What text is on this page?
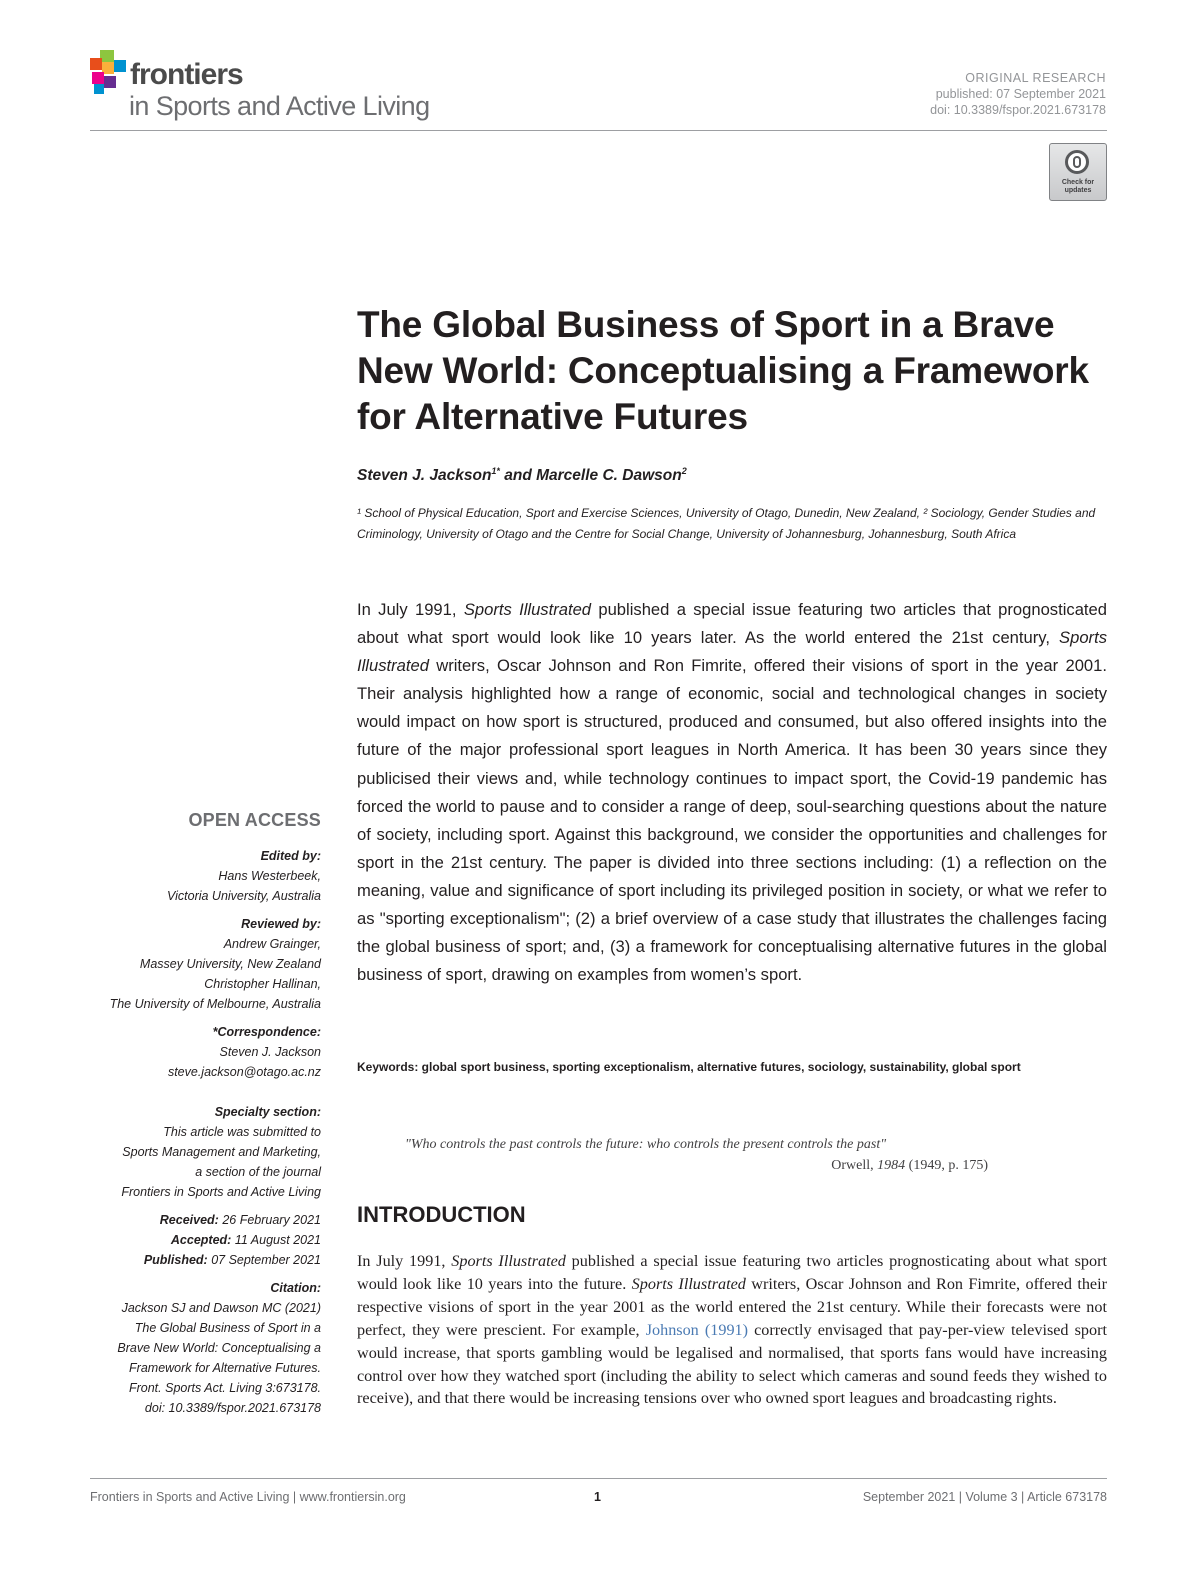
frontiers
in Sports and Active Living
ORIGINAL RESEARCH
published: 07 September 2021
doi: 10.3389/fspor.2021.673178
Check for updates
The Global Business of Sport in a Brave New World: Conceptualising a Framework for Alternative Futures
Steven J. Jackson$^{1*}$ and Marcelle C. Dawson$^2$
¹ School of Physical Education, Sport and Exercise Sciences, University of Otago, Dunedin, New Zealand, ² Sociology, Gender Studies and Criminology, University of Otago and the Centre for Social Change, University of Johannesburg, Johannesburg, South Africa

In July 1991, Sports Illustrated published a special issue featuring two articles that prognosticated about what sport would look like 10 years later. As the world entered the 21st century, Sports Illustrated writers, Oscar Johnson and Ron Fimrite, offered their visions of sport in the year 2001. Their analysis highlighted how a range of economic, social and technological changes in society would impact on how sport is structured, produced and consumed, but also offered insights into the future of the major professional sport leagues in North America. It has been 30 years since they publicised their views and, while technology continues to impact sport, the Covid-19 pandemic has forced the world to pause and to consider a range of deep, soul-searching questions about the nature of society, including sport. Against this background, we consider the opportunities and challenges for sport in the 21st century. The paper is divided into three sections including: (1) a reflection on the meaning, value and significance of sport including its privileged position in society, or what we refer to as "sporting exceptionalism"; (2) a brief overview of a case study that illustrates the challenges facing the global business of sport; and, (3) a framework for conceptualising alternative futures in the global business of sport, drawing on examples from women’s sport.

Keywords: global sport business, sporting exceptionalism, alternative futures, sociology, sustainability, global sport
"Who controls the past controls the future: who controls the present controls the past"
Orwell, 1984 (1949, p. 175)
INTRODUCTION

In July 1991, Sports Illustrated published a special issue featuring two articles prognosticating about what sport would look like 10 years into the future. Sports Illustrated writers, Oscar Johnson and Ron Fimrite, offered their respective visions of sport in the year 2001 as the world entered the 21st century. While their forecasts were not perfect, they were prescient. For example, Johnson (1991) correctly envisaged that pay-per-view televised sport would increase, that sports gambling would be legalised and normalised, that sports fans would have increasing control over how they watched sport (including the ability to select which cameras and sound feeds they wished to receive), and that there would be increasing tensions over who owned sport leagues and broadcasting rights.

OPEN ACCESS
Edited by:
Hans Westerbeek,
Victoria University, Australia
Reviewed by:
Andrew Grainger,
Massey University, New Zealand
Christopher Hallinan,
The University of Melbourne, Australia
*Correspondence:
Steven J. Jackson
steve.jackson@otago.ac.nz
Specialty section:
This article was submitted to
Sports Management and Marketing,
a section of the journal
Frontiers in Sports and Active Living
Received: 26 February 2021
Accepted: 11 August 2021
Published: 07 September 2021
Citation:
Jackson SJ and Dawson MC (2021)
The Global Business of Sport in a
Brave New World: Conceptualising a
Framework for Alternative Futures.
Front. Sports Act. Living 3:673178.
doi: 10.3389/fspor.2021.673178
Frontiers in Sports and Active Living | www.frontiersin.org	1	September 2021 | Volume 3 | Article 673178
